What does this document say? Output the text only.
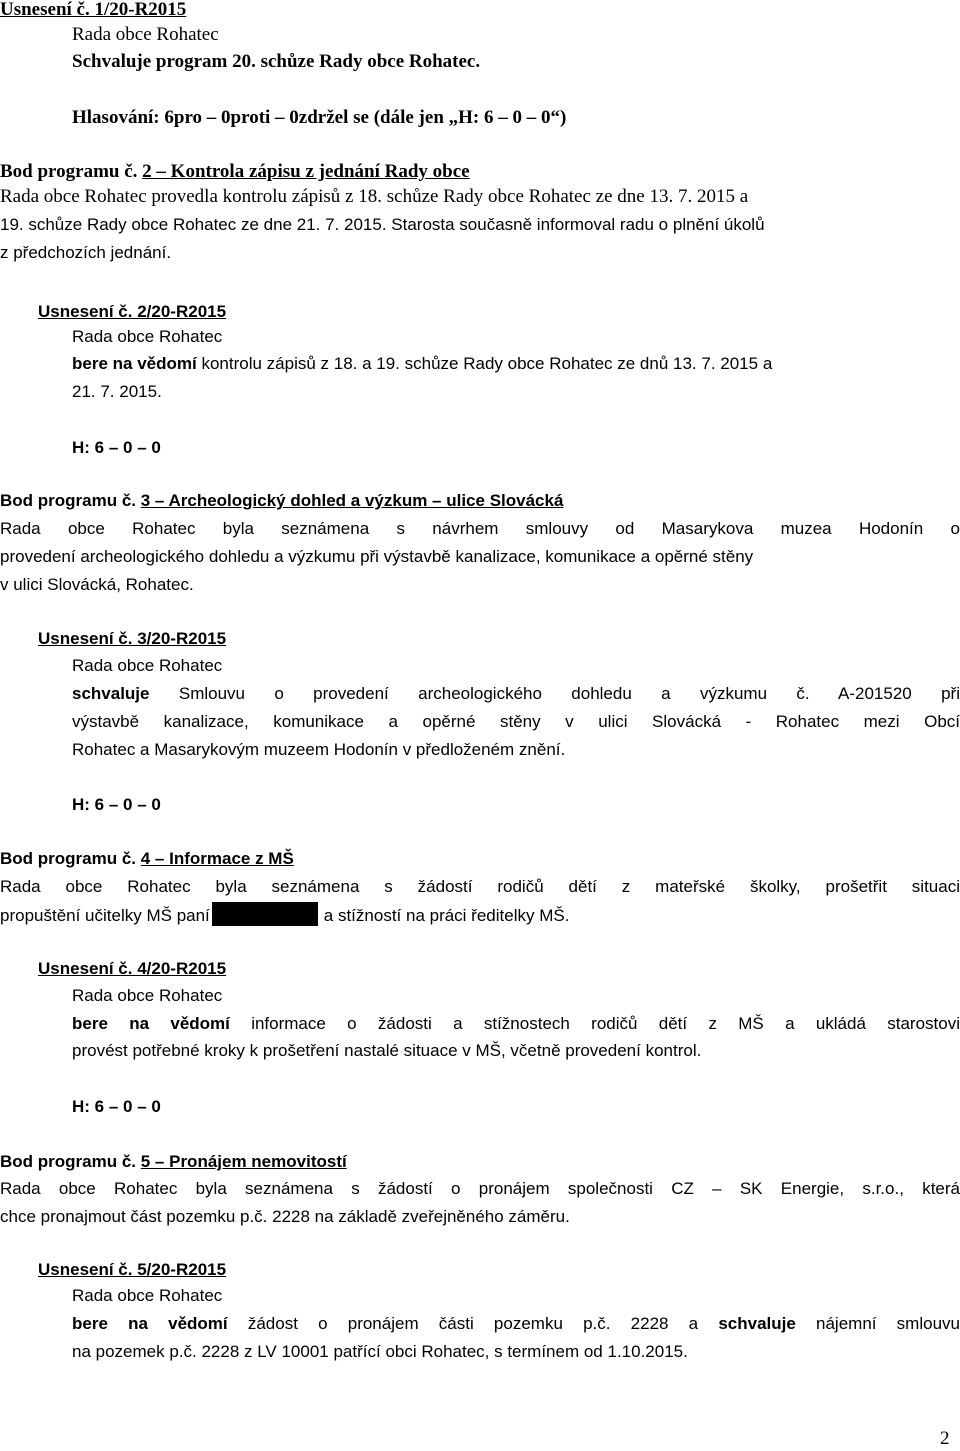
Usnesení č. 1/20-R2015
Rada obce Rohatec
Schvaluje program 20. schůze Rady obce Rohatec.
Hlasování: 6pro – 0proti – 0zdržel se (dále jen „H: 6 – 0 – 0“)
Bod programu č. 2 – Kontrola zápisu z jednání Rady obce
Rada obce Rohatec provedla kontrolu zápisů z 18. schůze Rady obce Rohatec ze dne 13. 7. 2015 a
19. schůze Rady obce Rohatec ze dne 21. 7. 2015. Starosta současně informoval radu o plnění úkolů
z předchozích jednání.
Usnesení č. 2/20-R2015
Rada obce Rohatec
bere na vědomí kontrolu zápisů z 18. a 19. schůze Rady obce Rohatec ze dnů 13. 7. 2015 a
21. 7. 2015.
H: 6 – 0 – 0
Bod programu č. 3 – Archeologický dohled a výzkum – ulice Slovácká
Rada obce Rohatec byla seznámena s návrhem smlouvy od Masarykova muzea Hodonín o
provedení archeologického dohledu a výzkumu při výstavbě kanalizace, komunikace a opěrné stěny
v ulici Slovácká, Rohatec.
Usnesení č. 3/20-R2015
Rada obce Rohatec
schvaluje Smlouvu o provedení archeologického dohledu a výzkumu č. A-201520 při
výstavbě kanalizace, komunikace a opěrné stěny v ulici Slovácká - Rohatec mezi Obcí
Rohatec a Masarykovým muzeem Hodonín v předloženém znění.
H: 6 – 0 – 0
Bod programu č. 4 – Informace z MŠ
Rada obce Rohatec byla seznámena s žádostí rodičů dětí z mateřské školky, prošetřit situaci
propuštění učitelky MŠ paní	a stížností na práci ředitelky MŠ.
Usnesení č. 4/20-R2015
Rada obce Rohatec
bere na vědomí informace o žádosti a stížnostech rodičů dětí z MŠ a ukládá starostovi
provést potřebné kroky k prošetření nastalé situace v MŠ, včetně provedení kontrol.
H: 6 – 0 – 0
Bod programu č. 5 – Pronájem nemovitostí
Rada obce Rohatec byla seznámena s žádostí o pronájem společnosti CZ – SK Energie, s.r.o., která
chce pronajmout část pozemku p.č. 2228 na základě zveřejněného záměru.
Usnesení č. 5/20-R2015
Rada obce Rohatec
bere na vědomí žádost o pronájem části pozemku p.č. 2228 a schvaluje nájemní smlouvu
na pozemek p.č. 2228 z LV 10001 patřící obci Rohatec, s termínem od 1.10.2015.
2
